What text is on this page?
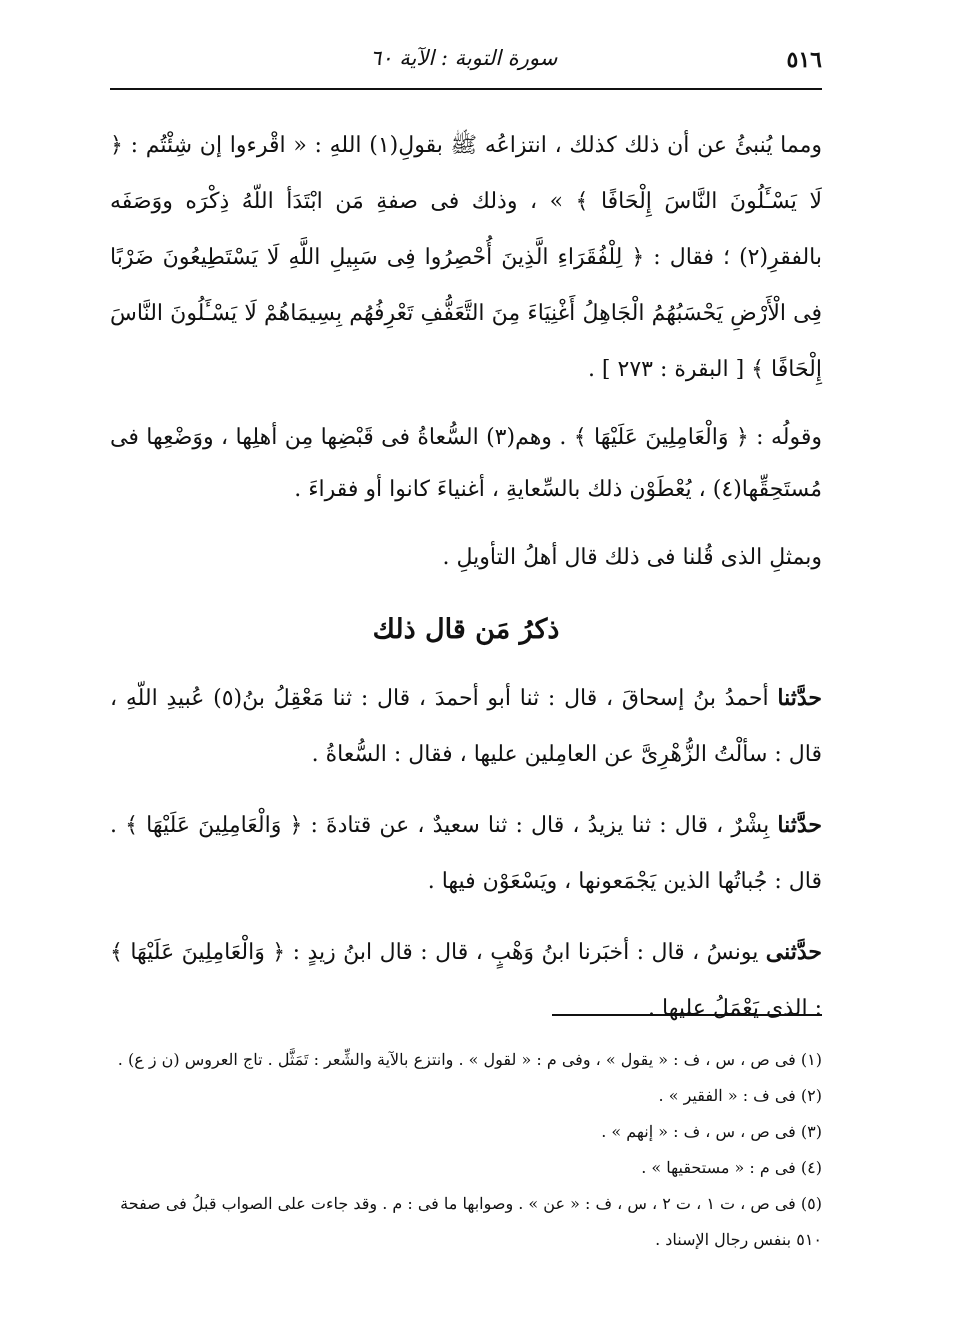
٥١٦
سورة التوبة : الآية ٦٠

ومما يُنبئُ عن أن ذلك كذلك ، انتزاعُه ﷺ بقولِ(١) اللهِ : « اقْرءوا إن شِئْتُم : ﴿ لَا يَسْـَٔلُونَ النَّاسَ إِلْحَافًا ﴾ » ، وذلك فى صفةِ مَن ابْتَدَأ اللّهُ ذِكْرَه ووَصَفَه بالفقرِ(٢) ؛ فقال : ﴿ لِلْفُقَرَاءِ الَّذِينَ أُحْصِرُوا فِى سَبِيلِ اللَّهِ لَا يَسْتَطِيعُونَ ضَرْبًا فِى الْأَرْضِ يَحْسَبُهُمُ الْجَاهِلُ أَغْنِيَاءَ مِنَ التَّعَفُّفِ تَعْرِفُهُم بِسِيمَاهُمْ لَا يَسْـَٔلُونَ النَّاسَ إِلْحَافًا ﴾ [ البقرة : ٢٧٣ ] .

وقولُه : ﴿ وَالْعَامِلِينَ عَلَيْهَا ﴾ . وهم(٣) السُّعاةُ فى قَبْضِها مِن أهلِها ، ووَضْعِها فى مُستَحِقِّها(٤) ، يُعْطَوْن ذلك بالسِّعايةِ ، أغنياءَ كانوا أو فقراءَ .

وبمثلِ الذى قُلنا فى ذلك قال أهلُ التأويلِ .

ذكرُ مَن قال ذلك

حدَّثنا أحمدُ بنُ إسحاقَ ، قال : ثنا أبو أحمدَ ، قال : ثنا مَعْقِلُ بنُ(٥) عُبيدِ اللّهِ ، قال : سألْتُ الزُّهْرِىَّ عن العامِلين عليها ، فقال : السُّعاةُ .

حدَّثنا بِشْرٌ ، قال : ثنا يزيدُ ، قال : ثنا سعيدٌ ، عن قتادةَ : ﴿ وَالْعَامِلِينَ عَلَيْهَا ﴾ . قال : جُباتُها الذين يَجْمَعونها ، ويَسْعَوْن فيها .

حدَّثنى يونسُ ، قال : أخبَرنا ابنُ وَهْبٍ ، قال : قال ابنُ زيدٍ : ﴿ وَالْعَامِلِينَ عَلَيْهَا ﴾ : الذى يَعْمَلُ عليها .

(١) فى ص ، س ، ف : « يقول » ، وفى م : « لقول » . وانتزع بالآية والشِّعر : تَمَثَّل . تاج العروس (ن ز ع) .

(٢) فى ف : « الفقير » .

(٣) فى ص ، س ، ف : « إنهم » .

(٤) فى م : « مستحقيها » .

(٥) فى ص ، ت ١ ، ت ٢ ، س ، ف : « عن » . وصوابها ما فى : م . وقد جاءت على الصواب قبلُ فى صفحة ٥١٠ بنفس رجال الإسناد .
